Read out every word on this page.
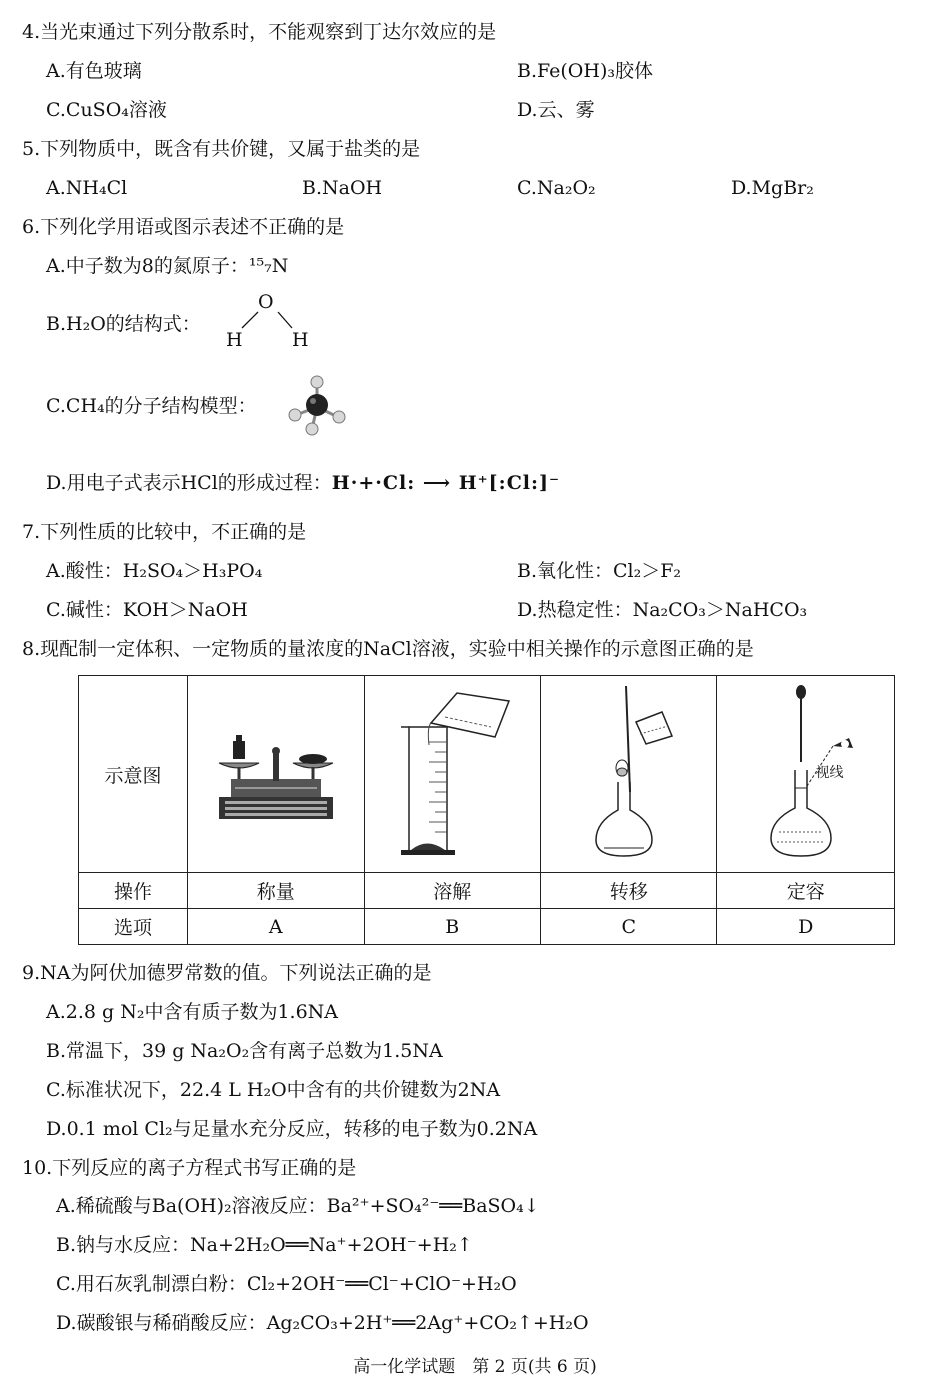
4.当光束通过下列分散系时，不能观察到丁达尔效应的是
A.有色玻璃	B.Fe(OH)₃胶体
C.CuSO₄溶液	D.云、雾
5.下列物质中，既含有共价键，又属于盐类的是
A.NH₄Cl	B.NaOH	C.Na₂O₂	D.MgBr₂
6.下列化学用语或图示表述不正确的是
A.中子数为8的氮原子：¹⁵₇N
B.H₂O的结构式：
O
H	H
C.CH₄的分子结构模型：
D.用电子式表示HCl的形成过程：H·+·Cl: ⟶ H⁺[:Cl:]⁻
7.下列性质的比较中，不正确的是
A.酸性：H₂SO₄＞H₃PO₄	B.氧化性：Cl₂＞F₂
C.碱性：KOH＞NaOH	D.热稳定性：Na₂CO₃＞NaHCO₃
8.现配制一定体积、一定物质的量浓度的NaCl溶液，实验中相关操作的示意图正确的是
示意图				视线

操作	称量	溶解	转移	定容
选项	A	B	C	D
9.NA为阿伏加德罗常数的值。下列说法正确的是
A.2.8 g N₂中含有质子数为1.6NA
B.常温下，39 g Na₂O₂含有离子总数为1.5NA
C.标准状况下，22.4 L H₂O中含有的共价键数为2NA
D.0.1 mol Cl₂与足量水充分反应，转移的电子数为0.2NA
10.下列反应的离子方程式书写正确的是
A.稀硫酸与Ba(OH)₂溶液反应：Ba²⁺+SO₄²⁻══BaSO₄↓
B.钠与水反应：Na+2H₂O══Na⁺+2OH⁻+H₂↑
C.用石灰乳制漂白粉：Cl₂+2OH⁻══Cl⁻+ClO⁻+H₂O
D.碳酸银与稀硝酸反应：Ag₂CO₃+2H⁺══2Ag⁺+CO₂↑+H₂O
高一化学试题　第 2 页(共 6 页)
